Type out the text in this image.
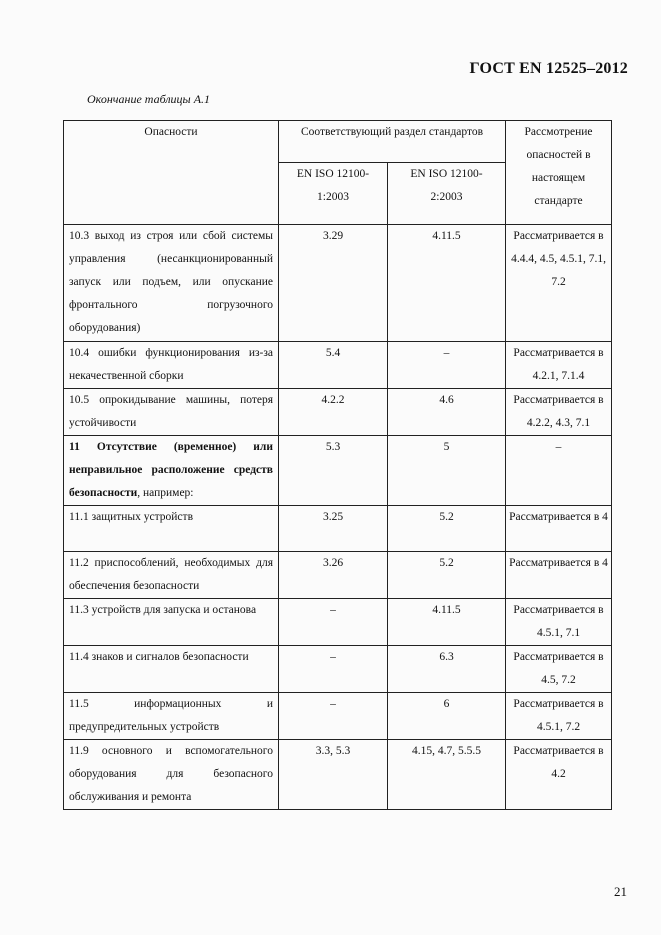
ГОСТ EN 12525–2012
Окончание таблицы А.1
Опасности	Соответствующий раздел стандартов		Рассмотрение опасностей в настоящем стандарте
	EN ISO 12100-1:2003	EN ISO 12100-2:2003	
10.3 выход из строя или сбой системы управления (несанкционированный запуск или подъем, или опускание фронтального погрузочного оборудования)	3.29	4.11.5	Рассматривается в 4.4.4, 4.5, 4.5.1, 7.1, 7.2
10.4 ошибки функционирования из-за некачественной сборки	5.4	–	Рассматривается в 4.2.1, 7.1.4
10.5 опрокидывание машины, потеря устойчивости	4.2.2	4.6	Рассматривается в 4.2.2, 4.3, 7.1
11 Отсутствие (временное) или неправильное расположение средств безопасности, например:	5.3	5	–
11.1 защитных устройств	3.25	5.2	Рассматривается в 4
11.2 приспособлений, необходимых для обеспечения безопасности	3.26	5.2	Рассматривается в 4
11.3 устройств для запуска и останова	–	4.11.5	Рассматривается в 4.5.1, 7.1
11.4 знаков и сигналов безопасности	–	6.3	Рассматривается в 4.5, 7.2
11.5 информационных и предупредительных устройств	–	6	Рассматривается в 4.5.1, 7.2
11.9 основного и вспомогательного оборудования для безопасного обслуживания и ремонта	3.3, 5.3	4.15, 4.7, 5.5.5	Рассматривается в 4.2
21
